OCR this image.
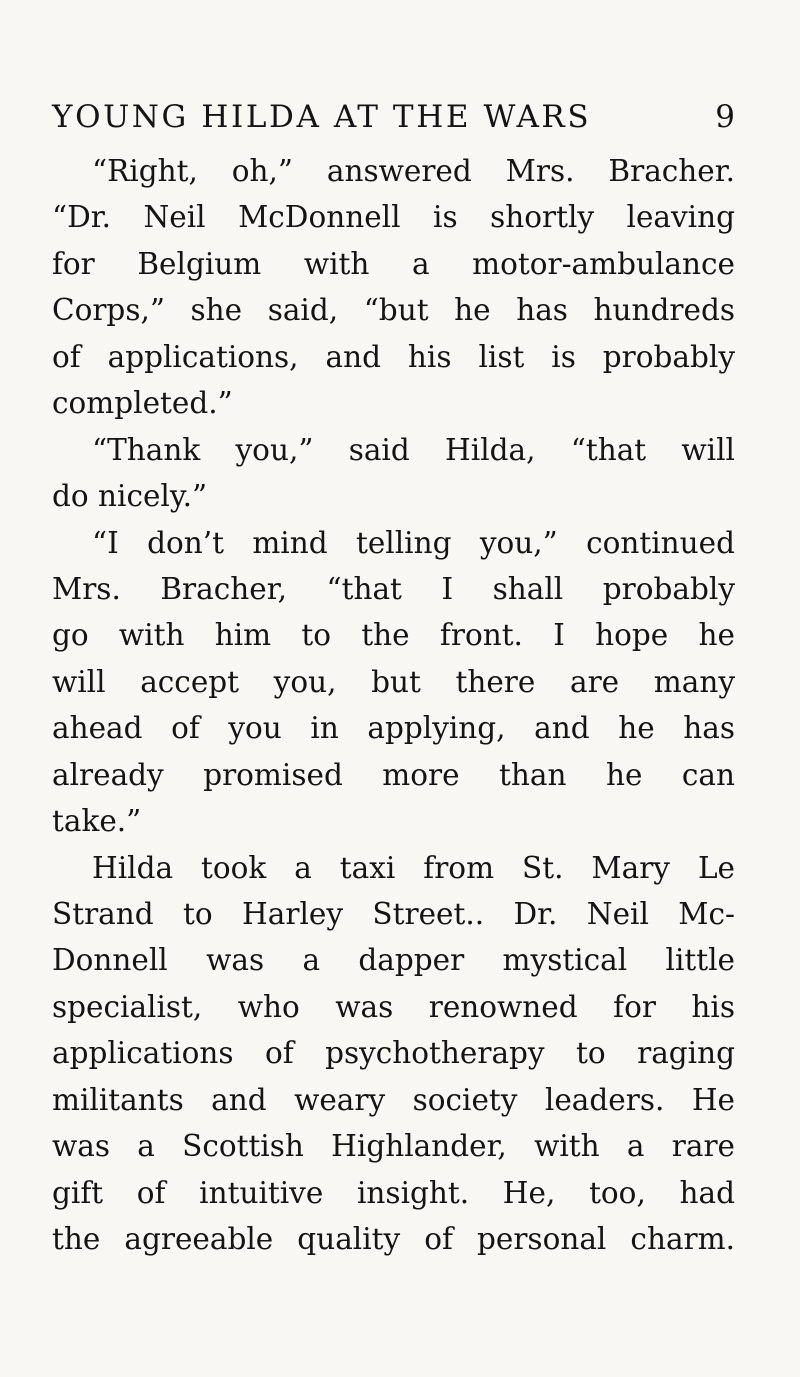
YOUNG HILDA AT THE WARS	9
“Right, oh,” answered Mrs. Bracher.
“Dr. Neil McDonnell is shortly leaving
for Belgium with a motor-ambulance
Corps,” she said, “but he has hundreds
of applications, and his list is probably
completed.”
“Thank you,” said Hilda, “that will
do nicely.”
“I don’t mind telling you,” continued
Mrs. Bracher, “that I shall probably
go with him to the front. I hope he
will accept you, but there are many
ahead of you in applying, and he has
already promised more than he can
take.”
Hilda took a taxi from St. Mary Le
Strand to Harley Street.. Dr. Neil Mc-
Donnell was a dapper mystical little
specialist, who was renowned for his
applications of psychotherapy to raging
militants and weary society leaders. He
was a Scottish Highlander, with a rare
gift of intuitive insight. He, too, had
the agreeable quality of personal charm.
